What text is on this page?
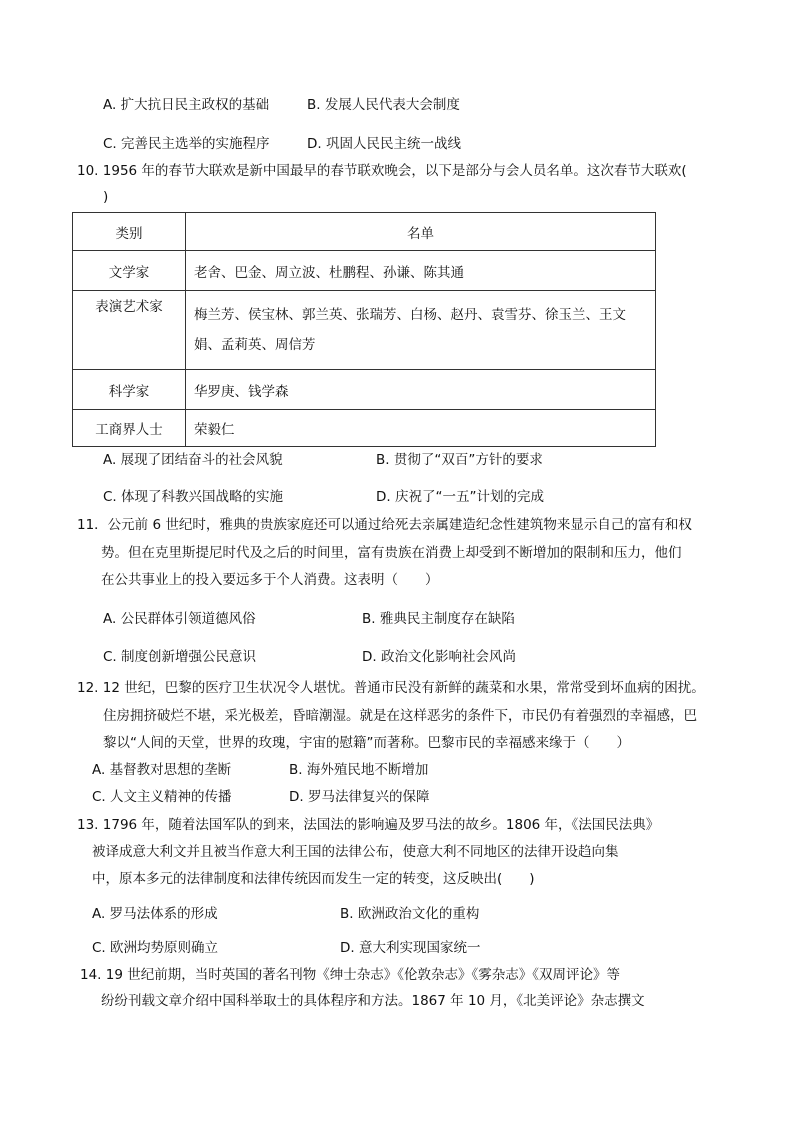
A. 扩大抗日民主政权的基础	B. 发展人民代表大会制度
C. 完善民主选举的实施程序	D. 巩固人民民主统一战线
10. 1956 年的春节大联欢是新中国最早的春节联欢晚会，以下是部分与会人员名单。这次春节大联欢(
)
类别	名单
文学家	老舍、巴金、周立波、杜鹏程、孙谦、陈其通
表演艺术家	梅兰芳、侯宝林、郭兰英、张瑞芳、白杨、赵丹、袁雪芬、徐玉兰、王文娟、孟莉英、周信芳
科学家	华罗庚、钱学森
工商界人士	荣毅仁
A. 展现了团结奋斗的社会风貌	B. 贯彻了“双百”方针的要求
C. 体现了科教兴国战略的实施	D. 庆祝了“一五”计划的完成
11．公元前 6 世纪时，雅典的贵族家庭还可以通过给死去亲属建造纪念性建筑物来显示自己的富有和权
势。但在克里斯提尼时代及之后的时间里，富有贵族在消费上却受到不断增加的限制和压力，他们
在公共事业上的投入要远多于个人消费。这表明（　　）
A. 公民群体引领道德风俗	B. 雅典民主制度存在缺陷
C. 制度创新增强公民意识	D. 政治文化影响社会风尚
12. 12 世纪，巴黎的医疗卫生状况令人堪忧。普通市民没有新鲜的蔬菜和水果，常常受到坏血病的困扰。
住房拥挤破烂不堪，采光极差，昏暗潮湿。就是在这样恶劣的条件下，市民仍有着强烈的幸福感，巴
黎以“人间的天堂，世界的玫瑰，宇宙的慰籍”而著称。巴黎市民的幸福感来缘于（　　）
A. 基督教对思想的垄断	B. 海外殖民地不断增加
C. 人文主义精神的传播	D. 罗马法律复兴的保障
13. 1796 年，随着法国军队的到来，法国法的影响遍及罗马法的故乡。1806 年，《法国民法典》
被译成意大利文并且被当作意大利王国的法律公布，使意大利不同地区的法律开设趋向集
中，原本多元的法律制度和法律传统因而发生一定的转变，这反映出(　　)
A. 罗马法体系的形成	B. 欧洲政治文化的重构
C. 欧洲均势原则确立	D. 意大利实现国家统一
14. 19 世纪前期，当时英国的著名刊物《绅士杂志》《伦敦杂志》《雾杂志》《双周评论》等
纷纷刊载文章介绍中国科举取士的具体程序和方法。1867 年 10 月，《北美评论》杂志撰文
